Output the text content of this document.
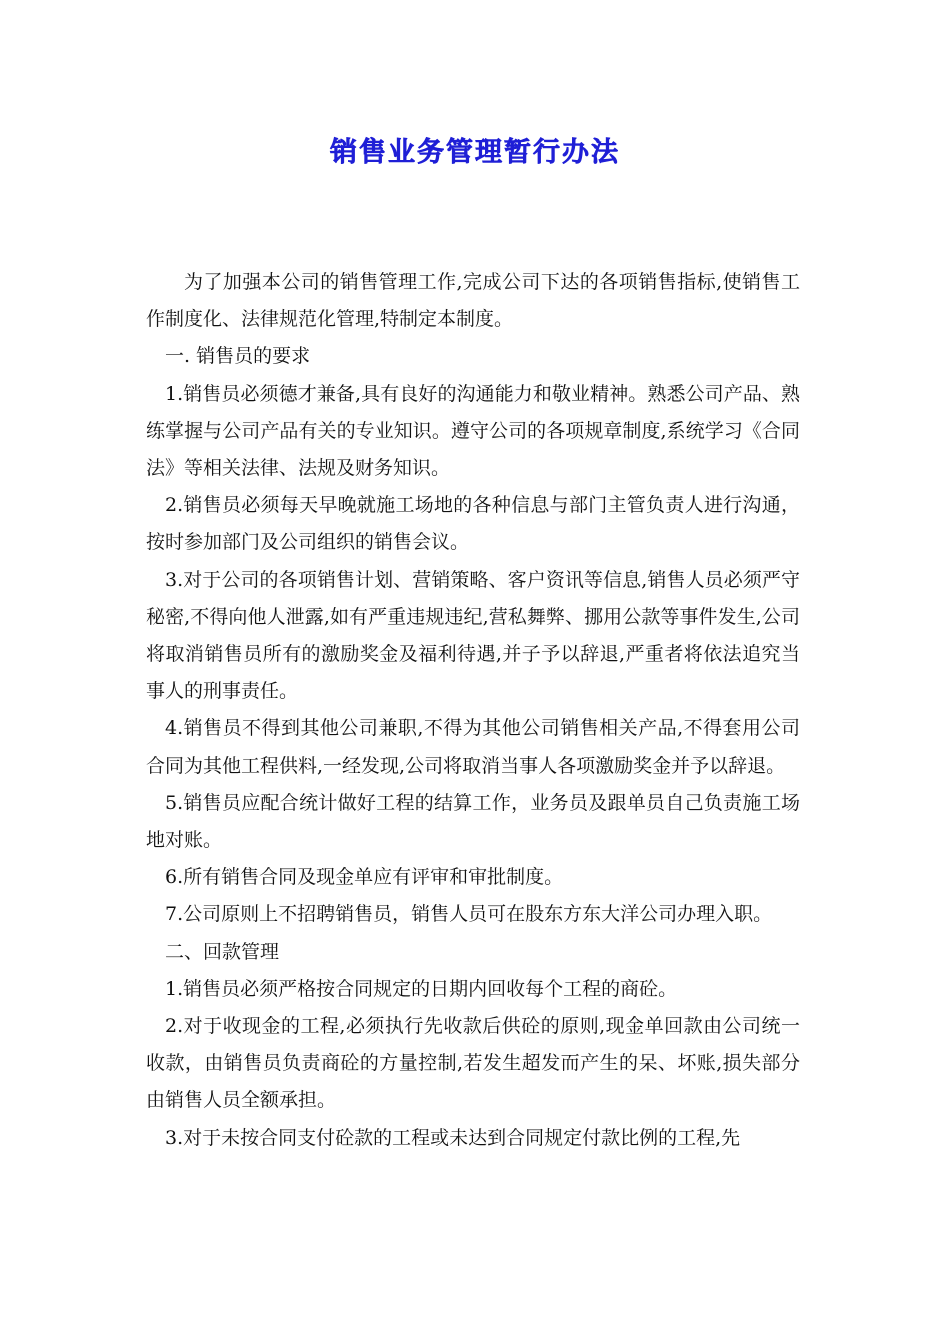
销售业务管理暂行办法

为了加强本公司的销售管理工作,完成公司下达的各项销售指标,使销售工作制度化、法律规范化管理,特制定本制度。

一. 销售员的要求

1.销售员必须德才兼备,具有良好的沟通能力和敬业精神。熟悉公司产品、熟练掌握与公司产品有关的专业知识。遵守公司的各项规章制度,系统学习《合同法》等相关法律、法规及财务知识。

2.销售员必须每天早晚就施工场地的各种信息与部门主管负责人进行沟通，按时参加部门及公司组织的销售会议。

3.对于公司的各项销售计划、营销策略、客户资讯等信息,销售人员必须严守秘密,不得向他人泄露,如有严重违规违纪,营私舞弊、挪用公款等事件发生,公司将取消销售员所有的激励奖金及福利待遇,并子予以辞退,严重者将依法追究当事人的刑事责任。

4.销售员不得到其他公司兼职,不得为其他公司销售相关产品,不得套用公司合同为其他工程供料,一经发现,公司将取消当事人各项激励奖金并予以辞退。

5.销售员应配合统计做好工程的结算工作，业务员及跟单员自己负责施工场地对账。

6.所有销售合同及现金单应有评审和审批制度。

7.公司原则上不招聘销售员，销售人员可在股东方东大洋公司办理入职。

二、回款管理

1.销售员必须严格按合同规定的日期内回收每个工程的商砼。

2.对于收现金的工程,必须执行先收款后供砼的原则,现金单回款由公司统一收款，由销售员负责商砼的方量控制,若发生超发而产生的呆、坏账,损失部分由销售人员全额承担。

3.对于未按合同支付砼款的工程或未达到合同规定付款比例的工程,先
